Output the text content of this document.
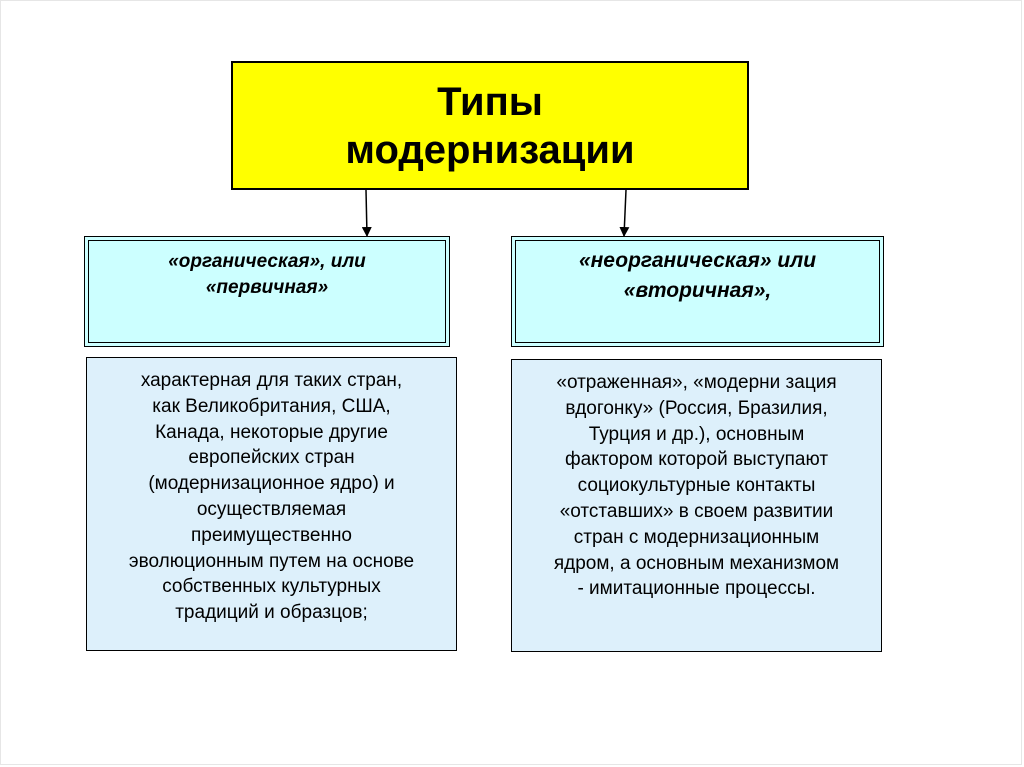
Типы
модернизации

«органическая», или
«первичная»

«неорганическая» или
«вторичная»,

характерная для таких стран,
как Великобритания, США,
Канада, некоторые другие
европейских стран
(модернизационное ядро) и
осуществляемая
преимущественно
эволюционным путем на основе
собственных культурных
традиций и образцов;

«отраженная», «модерни зация
вдогонку» (Россия, Бразилия,
Турция и др.), основным
фактором которой выступают
социокультурные контакты
«отставших» в своем развитии
стран с модернизационным
ядром, а основным механизмом
- имитационные процессы.
